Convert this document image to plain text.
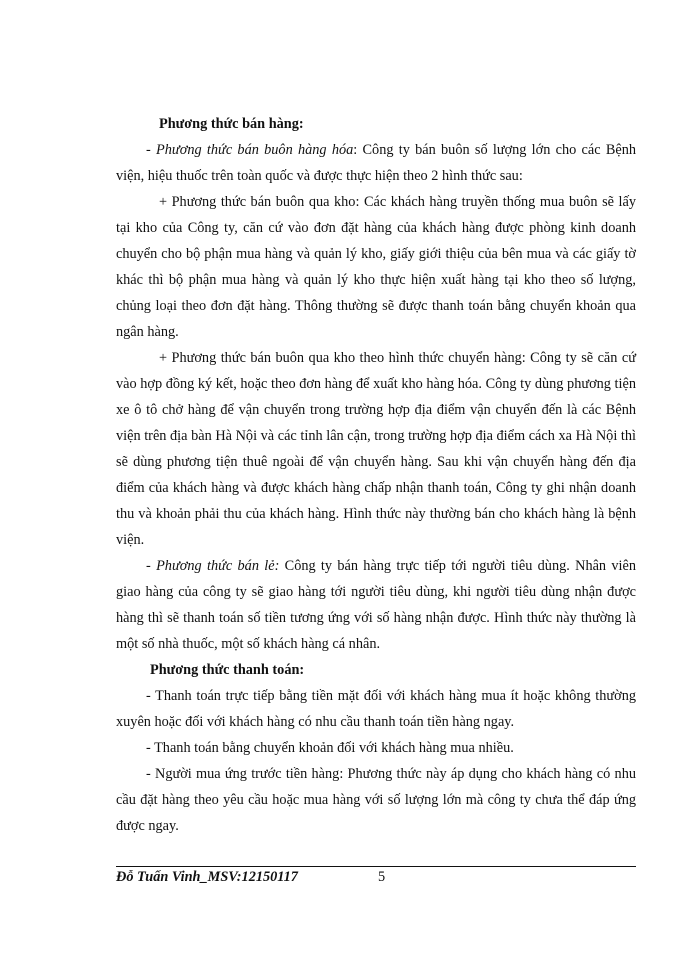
Phương thức bán hàng:

- Phương thức bán buôn hàng hóa: Công ty bán buôn số lượng lớn cho các Bệnh viện, hiệu thuốc trên toàn quốc và được thực hiện theo 2 hình thức sau:

+ Phương thức bán buôn qua kho: Các khách hàng truyền thống mua buôn sẽ lấy tại kho của Công ty, căn cứ vào đơn đặt hàng của khách hàng được phòng kinh doanh chuyển cho bộ phận mua hàng và quản lý kho, giấy giới thiệu của bên mua và các giấy tờ khác thì bộ phận mua hàng và quản lý kho thực hiện xuất hàng tại kho theo số lượng, chủng loại theo đơn đặt hàng. Thông thường sẽ được thanh toán bằng chuyển khoản qua ngân hàng.

+ Phương thức bán buôn qua kho theo hình thức chuyển hàng: Công ty sẽ căn cứ vào hợp đồng ký kết, hoặc theo đơn hàng để xuất kho hàng hóa. Công ty dùng phương tiện xe ô tô chở hàng để vận chuyển trong trường hợp địa điểm vận chuyển đến là các Bệnh viện trên địa bàn Hà Nội và các tỉnh lân cận, trong trường hợp địa điểm cách xa Hà Nội thì sẽ dùng phương tiện thuê ngoài để vận chuyển hàng. Sau khi vận chuyển hàng đến địa điểm của khách hàng và được khách hàng chấp nhận thanh toán, Công ty ghi nhận doanh thu và khoản phải thu của khách hàng. Hình thức này thường bán cho khách hàng là bệnh viện.

- Phương thức bán lẻ: Công ty bán hàng trực tiếp tới người tiêu dùng. Nhân viên giao hàng của công ty sẽ giao hàng tới người tiêu dùng, khi người tiêu dùng nhận được hàng thì sẽ thanh toán số tiền tương ứng với số hàng nhận được. Hình thức này thường là một số nhà thuốc, một số khách hàng cá nhân.

Phương thức thanh toán:

- Thanh toán trực tiếp bằng tiền mặt đối với khách hàng mua ít hoặc không thường xuyên hoặc đối với khách hàng có nhu cầu thanh toán tiền hàng ngay.

- Thanh toán bằng chuyển khoản đối với khách hàng mua nhiều.

- Người mua ứng trước tiền hàng: Phương thức này áp dụng cho khách hàng có nhu cầu đặt hàng theo yêu cầu hoặc mua hàng với số lượng lớn mà công ty chưa thể đáp ứng được ngay.

Đỗ Tuấn Vinh_MSV:12150117	5
